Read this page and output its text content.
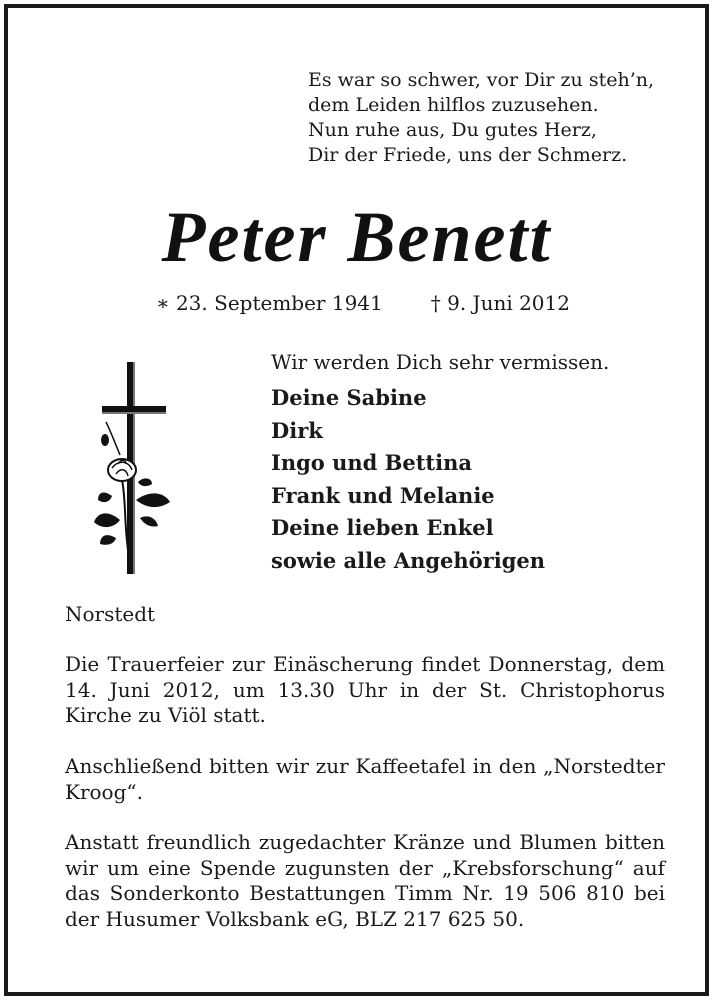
Es war so schwer, vor Dir zu steh’n,
dem Leiden hilflos zuzusehen.
Nun ruhe aus, Du gutes Herz,
Dir der Friede, uns der Schmerz.
Peter Benett
∗ 23. September 1941 † 9. Juni 2012
Wir werden Dich sehr vermissen.
Deine Sabine
Dirk
Ingo und Bettina
Frank und Melanie
Deine lieben Enkel
sowie alle Angehörigen
Norstedt
Die Trauerfeier zur Einäscherung findet Donnerstag, dem 14. Juni 2012, um 13.30 Uhr in der St. Christophorus Kirche zu Viöl statt.
Anschließend bitten wir zur Kaffeetafel in den „Norstedter Kroog“.
Anstatt freundlich zugedachter Kränze und Blumen bitten wir um eine Spende zugunsten der „Krebsforschung“ auf das Sonderkonto Bestattungen Timm Nr. 19 506 810 bei der Husumer Volksbank eG, BLZ 217 625 50.
